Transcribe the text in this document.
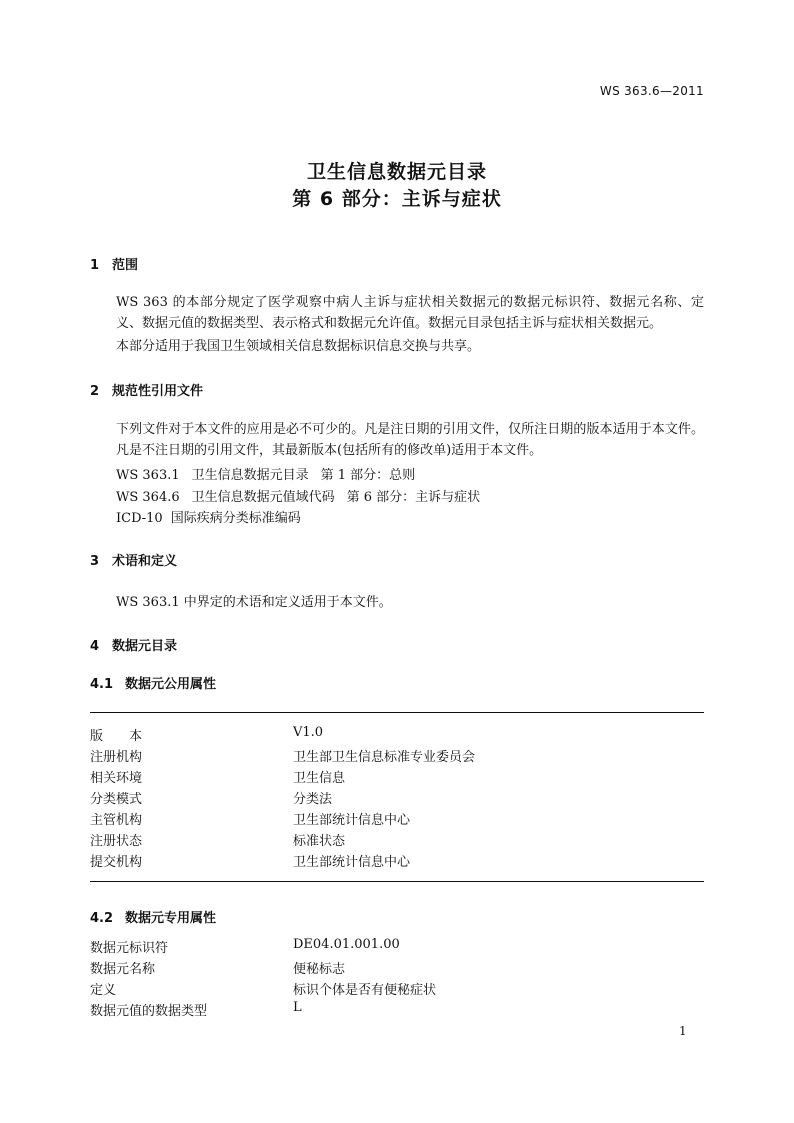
WS 363.6—2011
卫生信息数据元目录
第 6 部分：主诉与症状
1 范围
WS 363 的本部分规定了医学观察中病人主诉与症状相关数据元的数据元标识符、数据元名称、定义、数据元值的数据类型、表示格式和数据元允许值。数据元目录包括主诉与症状相关数据元。
本部分适用于我国卫生领域相关信息数据标识信息交换与共享。
2 规范性引用文件
下列文件对于本文件的应用是必不可少的。凡是注日期的引用文件，仅所注日期的版本适用于本文件。凡是不注日期的引用文件，其最新版本(包括所有的修改单)适用于本文件。
WS 363.1 卫生信息数据元目录 第 1 部分：总则
WS 364.6 卫生信息数据元值域代码 第 6 部分：主诉与症状
ICD-10 国际疾病分类标准编码
3 术语和定义
WS 363.1 中界定的术语和定义适用于本文件。
4 数据元目录
4.1 数据元公用属性
版　　本	V1.0
注册机构	卫生部卫生信息标准专业委员会
相关环境	卫生信息
分类模式	分类法
主管机构	卫生部统计信息中心
注册状态	标准状态
提交机构	卫生部统计信息中心
4.2 数据元专用属性
数据元标识符	DE04.01.001.00
数据元名称	便秘标志
定义	标识个体是否有便秘症状
数据元值的数据类型	L
1
